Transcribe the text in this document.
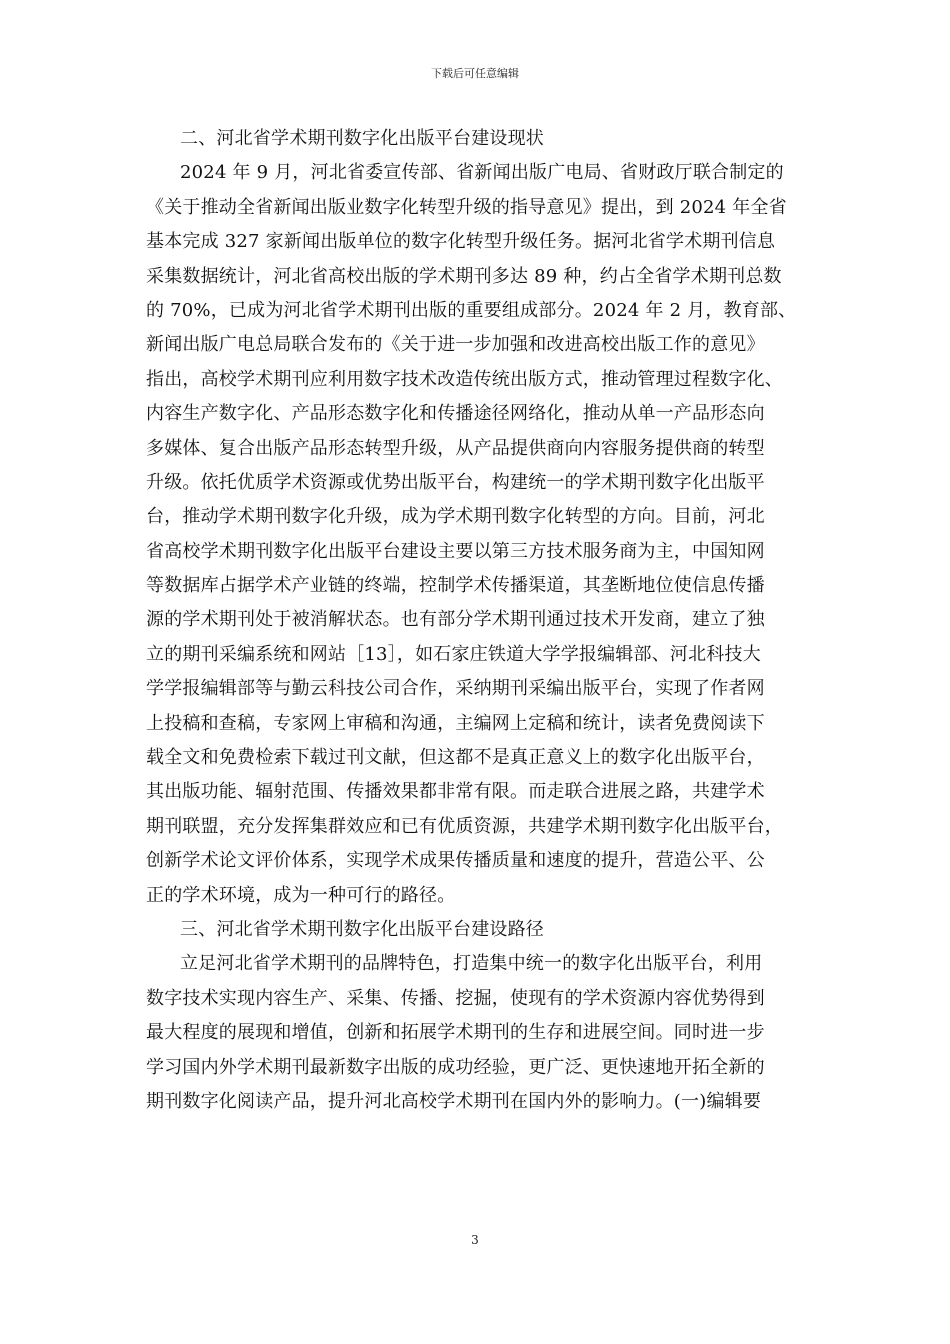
下载后可任意编辑
二、河北省学术期刊数字化出版平台建设现状
2024 年 9 月，河北省委宣传部、省新闻出版广电局、省财政厅联合制定的
《关于推动全省新闻出版业数字化转型升级的指导意见》提出，到 2024 年全省
基本完成 327 家新闻出版单位的数字化转型升级任务。据河北省学术期刊信息
采集数据统计，河北省高校出版的学术期刊多达 89 种，约占全省学术期刊总数
的 70%，已成为河北省学术期刊出版的重要组成部分。2024 年 2 月，教育部、
新闻出版广电总局联合发布的《关于进一步加强和改进高校出版工作的意见》
指出，高校学术期刊应利用数字技术改造传统出版方式，推动管理过程数字化、
内容生产数字化、产品形态数字化和传播途径网络化，推动从单一产品形态向
多媒体、复合出版产品形态转型升级，从产品提供商向内容服务提供商的转型
升级。依托优质学术资源或优势出版平台，构建统一的学术期刊数字化出版平
台，推动学术期刊数字化升级，成为学术期刊数字化转型的方向。目前，河北
省高校学术期刊数字化出版平台建设主要以第三方技术服务商为主，中国知网
等数据库占据学术产业链的终端，控制学术传播渠道，其垄断地位使信息传播
源的学术期刊处于被消解状态。也有部分学术期刊通过技术开发商，建立了独
立的期刊采编系统和网站［13］，如石家庄铁道大学学报编辑部、河北科技大
学学报编辑部等与勤云科技公司合作，采纳期刊采编出版平台，实现了作者网
上投稿和查稿，专家网上审稿和沟通，主编网上定稿和统计，读者免费阅读下
载全文和免费检索下载过刊文献，但这都不是真正意义上的数字化出版平台，
其出版功能、辐射范围、传播效果都非常有限。而走联合进展之路，共建学术
期刊联盟，充分发挥集群效应和已有优质资源，共建学术期刊数字化出版平台，
创新学术论文评价体系，实现学术成果传播质量和速度的提升，营造公平、公
正的学术环境，成为一种可行的路径。
三、河北省学术期刊数字化出版平台建设路径
立足河北省学术期刊的品牌特色，打造集中统一的数字化出版平台，利用
数字技术实现内容生产、采集、传播、挖掘，使现有的学术资源内容优势得到
最大程度的展现和增值，创新和拓展学术期刊的生存和进展空间。同时进一步
学习国内外学术期刊最新数字出版的成功经验，更广泛、更快速地开拓全新的
期刊数字化阅读产品，提升河北高校学术期刊在国内外的影响力。(一)编辑要
3
